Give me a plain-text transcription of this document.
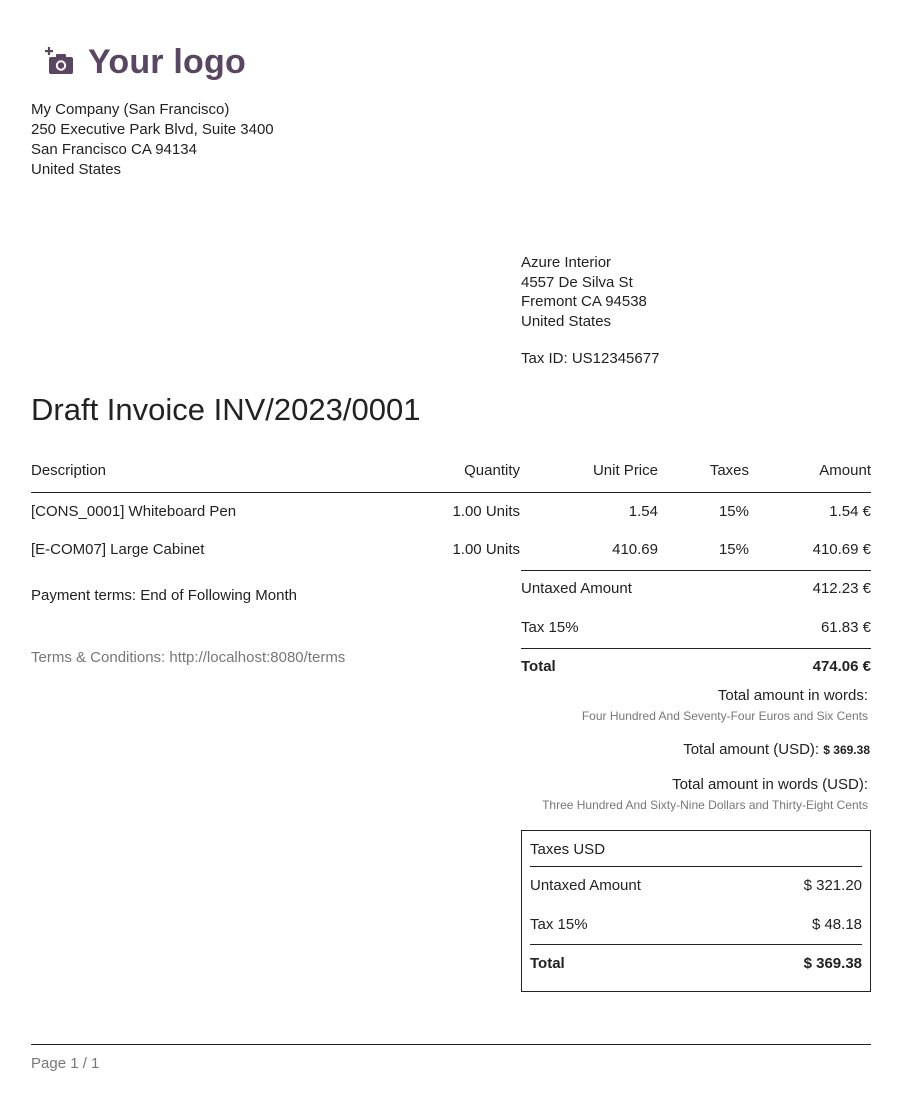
Your logo
My Company (San Francisco)
250 Executive Park Blvd, Suite 3400
San Francisco CA 94134
United States
Azure Interior
4557 De Silva St
Fremont CA 94538
United States
Tax ID: US12345677
Draft Invoice INV/2023/0001
Description	Quantity	Unit Price	Taxes	Amount
[CONS_0001] Whiteboard Pen	1.00 Units	1.54	15%	1.54 €
[E-COM07] Large Cabinet	1.00 Units	410.69	15%	410.69 €
Payment terms: End of Following Month
Terms & Conditions: http://localhost:8080/terms
Untaxed Amount	412.23 €
Tax 15%	61.83 €
Total	474.06 €
Total amount in words:
Four Hundred And Seventy-Four Euros and Six Cents
Total amount (USD): $ 369.38
Total amount in words (USD):
Three Hundred And Sixty-Nine Dollars and Thirty-Eight Cents
Taxes USD
Untaxed Amount	$ 321.20
Tax 15%	$ 48.18
Total	$ 369.38
Page 1 / 1
